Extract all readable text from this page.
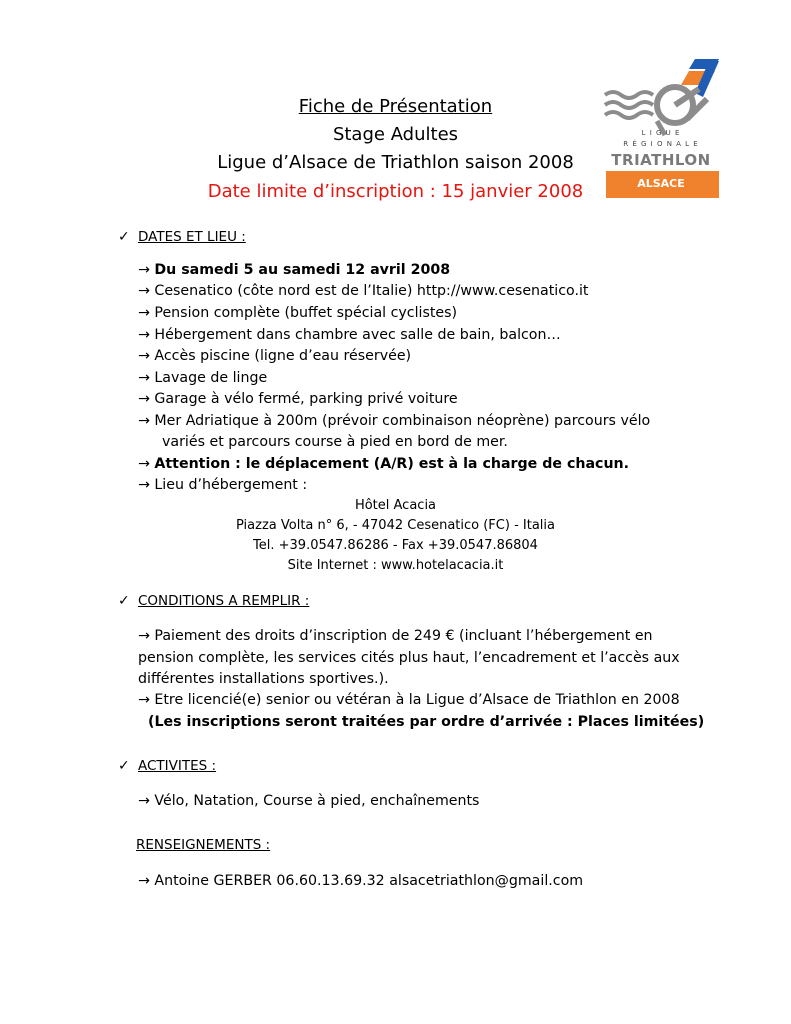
Fiche de Présentation
Stage Adultes
Ligue d’Alsace de Triathlon saison 2008
Date limite d’inscription : 15 janvier 2008
L I G U E
R É G I O N A L E
TRIATHLON
ALSACE
✓ DATES ET LIEU :
→ Du samedi 5 au samedi 12 avril 2008
→ Cesenatico (côte nord est de l’Italie) http://www.cesenatico.it
→ Pension complète (buffet spécial cyclistes)
→ Hébergement dans chambre avec salle de bain, balcon…
→ Accès piscine (ligne d’eau réservée)
→ Lavage de linge
→ Garage à vélo fermé, parking privé voiture
→ Mer Adriatique à 200m (prévoir combinaison néoprène) parcours vélo
variés et parcours course à pied en bord de mer.
→ Attention : le déplacement (A/R) est à la charge de chacun.
→ Lieu d’hébergement :
Hôtel Acacia
Piazza Volta n° 6, - 47042 Cesenatico (FC) - Italia
Tel. +39.0547.86286 - Fax +39.0547.86804
Site Internet : www.hotelacacia.it
✓ CONDITIONS A REMPLIR :
→ Paiement des droits d’inscription de 249 € (incluant l’hébergement en
pension complète, les services cités plus haut, l’encadrement et l’accès aux
différentes installations sportives.).
→ Etre licencié(e) senior ou vétéran à la Ligue d’Alsace de Triathlon en 2008
(Les inscriptions seront traitées par ordre d’arrivée : Places limitées)
✓ ACTIVITES :
→ Vélo, Natation, Course à pied, enchaînements
RENSEIGNEMENTS :
→ Antoine GERBER 06.60.13.69.32 alsacetriathlon@gmail.com
